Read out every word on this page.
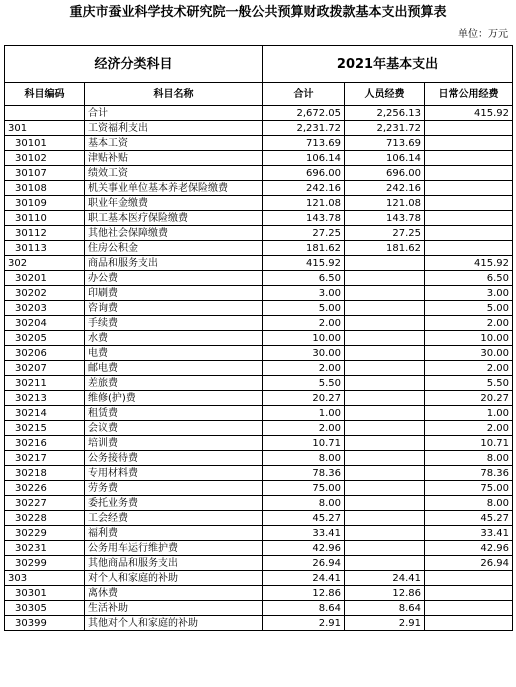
重庆市蚕业科学技术研究院一般公共预算财政拨款基本支出预算表
单位：万元
经济分类科目		2021年基本支出		
科目编码	科目名称	合计	人员经费	日常公用经费
	合计	2,672.05	2,256.13	415.92
301	工资福利支出	2,231.72	2,231.72	
30101	基本工资	713.69	713.69	
30102	津贴补贴	106.14	106.14	
30107	绩效工资	696.00	696.00	
30108	机关事业单位基本养老保险缴费	242.16	242.16	
30109	职业年金缴费	121.08	121.08	
30110	职工基本医疗保险缴费	143.78	143.78	
30112	其他社会保障缴费	27.25	27.25	
30113	住房公积金	181.62	181.62	
302	商品和服务支出	415.92		415.92
30201	办公费	6.50		6.50
30202	印刷费	3.00		3.00
30203	咨询费	5.00		5.00
30204	手续费	2.00		2.00
30205	水费	10.00		10.00
30206	电费	30.00		30.00
30207	邮电费	2.00		2.00
30211	差旅费	5.50		5.50
30213	维修(护)费	20.27		20.27
30214	租赁费	1.00		1.00
30215	会议费	2.00		2.00
30216	培训费	10.71		10.71
30217	公务接待费	8.00		8.00
30218	专用材料费	78.36		78.36
30226	劳务费	75.00		75.00
30227	委托业务费	8.00		8.00
30228	工会经费	45.27		45.27
30229	福利费	33.41		33.41
30231	公务用车运行维护费	42.96		42.96
30299	其他商品和服务支出	26.94		26.94
303	对个人和家庭的补助	24.41	24.41	
30301	离休费	12.86	12.86	
30305	生活补助	8.64	8.64	
30399	其他对个人和家庭的补助	2.91	2.91	
